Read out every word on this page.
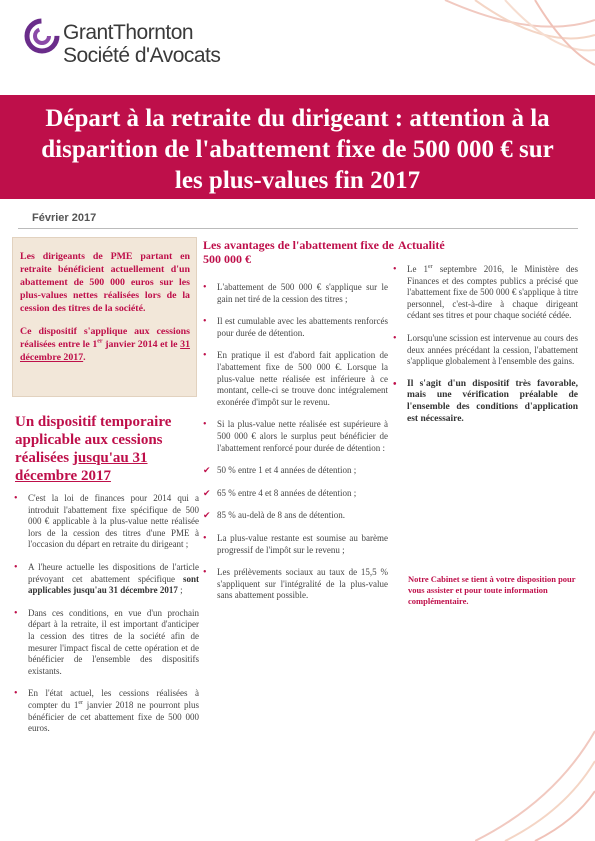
GrantThornton
Société d'Avocats
Départ à la retraite du dirigeant : attention à la
disparition de l'abattement fixe de 500 000 € sur
les plus-values fin 2017
Février 2017

Les dirigeants de PME partant en retraite bénéficient actuellement d'un abattement de 500 000 euros sur les plus-values nettes réalisées lors de la cession des titres de la société.

Ce dispositif s'applique aux cessions réalisées entre le 1er janvier 2014 et le 31 décembre 2017.

Un dispositif temporaire applicable aux cessions réalisées jusqu'au 31 décembre 2017
• C'est la loi de finances pour 2014 qui a introduit l'abattement fixe spécifique de 500 000 € applicable à la plus-value nette réalisée lors de la cession des titres d'une PME à l'occasion du départ en retraite du dirigeant ;
• A l'heure actuelle les dispositions de l'article prévoyant cet abattement spécifique sont applicables jusqu'au 31 décembre 2017 ;
• Dans ces conditions, en vue d'un prochain départ à la retraite, il est important d'anticiper la cession des titres de la société afin de mesurer l'impact fiscal de cette opération et de bénéficier de l'ensemble des dispositifs existants.
• En l'état actuel, les cessions réalisées à compter du 1er janvier 2018 ne pourront plus bénéficier de cet abattement fixe de 500 000 euros.
Les avantages de l'abattement fixe de 500 000 €
• L'abattement de 500 000 € s'applique sur le gain net tiré de la cession des titres ;
• Il est cumulable avec les abattements renforcés pour durée de détention.
• En pratique il est d'abord fait application de l'abattement fixe de 500 000 €. Lorsque la plus-value nette réalisée est inférieure à ce montant, celle-ci se trouve donc intégralement exonérée d'impôt sur le revenu.
• Si la plus-value nette réalisée est supérieure à 500 000 € alors le surplus peut bénéficier de l'abattement renforcé pour durée de détention :
✔ 50 % entre 1 et 4 années de détention ;
✔ 65 % entre 4 et 8 années de détention ;
✔ 85 % au-delà de 8 ans de détention.
• La plus-value restante est soumise au barème progressif de l'impôt sur le revenu ;
• Les prélèvements sociaux au taux de 15,5 % s'appliquent sur l'intégralité de la plus-value sans abattement possible.
Actualité
• Le 1er septembre 2016, le Ministère des Finances et des comptes publics a précisé que l'abattement fixe de 500 000 € s'applique à titre personnel, c'est-à-dire à chaque dirigeant cédant ses titres et pour chaque société cédée.
• Lorsqu'une scission est intervenue au cours des deux années précédant la cession, l'abattement s'applique globalement à l'ensemble des gains.
• Il s'agit d'un dispositif très favorable, mais une vérification préalable de l'ensemble des conditions d'application est nécessaire.
Notre Cabinet se tient à votre disposition pour vous assister et pour toute information complémentaire.
